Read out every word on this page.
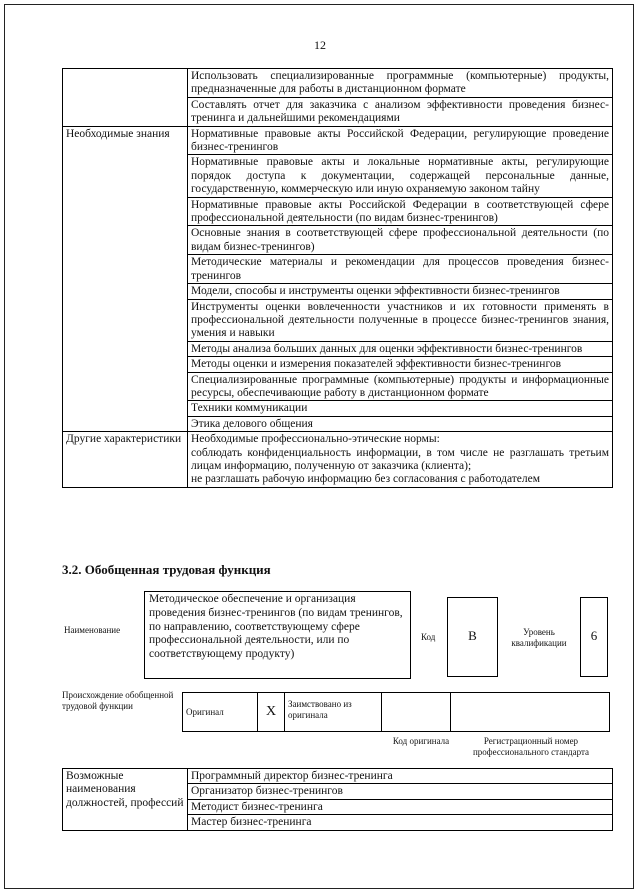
12
	Использовать специализированные программные (компьютерные) продукты, предназначенные для работы в дистанционном формате
	Составлять отчет для заказчика с анализом эффективности проведения бизнес-тренинга и дальнейшими рекомендациями
Необходимые знания	Нормативные правовые акты Российской Федерации, регулирующие проведение бизнес-тренингов
	Нормативные правовые акты и локальные нормативные акты, регулирующие порядок доступа к документации, содержащей персональные данные, государственную, коммерческую или иную охраняемую законом тайну
	Нормативные правовые акты Российской Федерации в соответствующей сфере профессиональной деятельности (по видам бизнес-тренингов)
	Основные знания в соответствующей сфере профессиональной деятельности (по видам бизнес-тренингов)
	Методические материалы и рекомендации для процессов проведения бизнес-тренингов
	Модели, способы и инструменты оценки эффективности бизнес-тренингов
	Инструменты оценки вовлеченности участников и их готовности применять в профессиональной деятельности полученные в процессе бизнес-тренингов знания, умения и навыки
	Методы анализа больших данных для оценки эффективности бизнес-тренингов
	Методы оценки и измерения показателей эффективности бизнес-тренингов
	Специализированные программные (компьютерные) продукты и информационные ресурсы, обеспечивающие работу в дистанционном формате
	Техники коммуникации
	Этика делового общения
Другие характеристики	Необходимые профессионально-этические нормы:
соблюдать конфиденциальность информации, в том числе не разглашать третьим лицам информацию, полученную от заказчика (клиента);
не разглашать рабочую информацию без согласования с работодателем
3.2. Обобщенная трудовая функция
Наименование
Методическое обеспечение и организация проведения бизнес-тренингов (по видам тренингов, по направлению, соответствующему сфере профессиональной деятельности, или по соответствующему продукту)
Код	В	Уровень квалификации	6
Происхождение обобщенной трудовой функции
Оригинал	X	Заимствовано из оригинала		
Код оригинала	Регистрационный номер профессионального стандарта
Возможные наименования должностей, профессий	Программный директор бизнес-тренинга
Организатор бизнес-тренингов
Методист бизнес-тренинга
Мастер бизнес-тренинга
